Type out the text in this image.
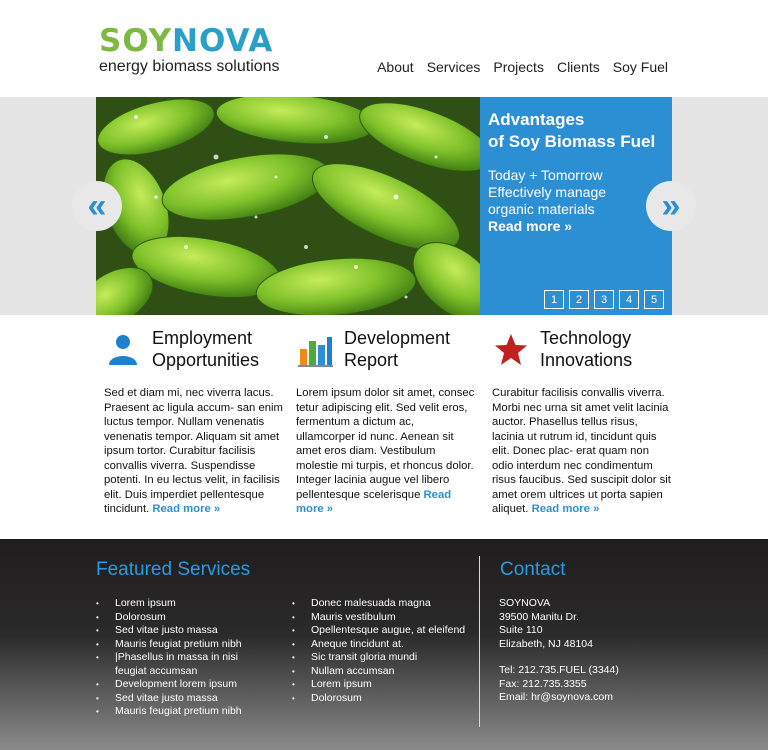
SOYNOVA
energy biomass solutions	About Services Projects Clients Soy Fuel
Advantages
of Soy Biomass Fuel
Today + Tomorrow
Effectively manage
organic materials
Read more »
1	2	3	4	5
«	»
Employment
Opportunities

Sed et diam mi, nec viverra lacus. Praesent ac ligula accum- san enim luctus tempor. Nullam venenatis venenatis tempor. Aliquam sit amet ipsum tortor. Curabitur facilisis convallis viverra. Suspendisse potenti. In eu lectus velit, in facilisis elit. Duis imperdiet pellentesque tincidunt. Read more »

Development
Report

Lorem ipsum dolor sit amet, consec tetur adipiscing elit. Sed velit eros, fermentum a dictum ac, ullamcorper id nunc. Aenean sit amet eros diam. Vestibulum molestie mi turpis, et rhoncus dolor. Integer lacinia augue vel libero pellentesque scelerisque Read more »

Technology
Innovations

Curabitur facilisis convallis viverra. Morbi nec urna sit amet velit lacinia auctor. Phasellus tellus risus, lacinia ut rutrum id, tincidunt quis elit. Donec plac- erat quam non odio interdum nec condimentum risus faucibus. Sed suscipit dolor sit amet orem ultrices ut porta sapien aliquet. Read more »

Featured Services
• Lorem ipsum
• Dolorosum
• Sed vitae justo massa
• Mauris feugiat pretium nibh
• |Phasellus in massa in nisi feugiat accumsan
• Development lorem ipsum
• Sed vitae justo massa
• Mauris feugiat pretium nibh
• Donec malesuada magna
• Mauris vestibulum
• Opellentesque augue, at eleifend
• Aneque tincidunt at.
• Sic transit gloria mundi
• Nullam accumsan
• Lorem ipsum
• Dolorosum
Contact
SOYNOVA
39500 Manitu Dr.
Suite 110
Elizabeth, NJ 48104
Tel: 212.735.FUEL (3344)
Fax: 212.735.3355
Email: hr@soynova.com
